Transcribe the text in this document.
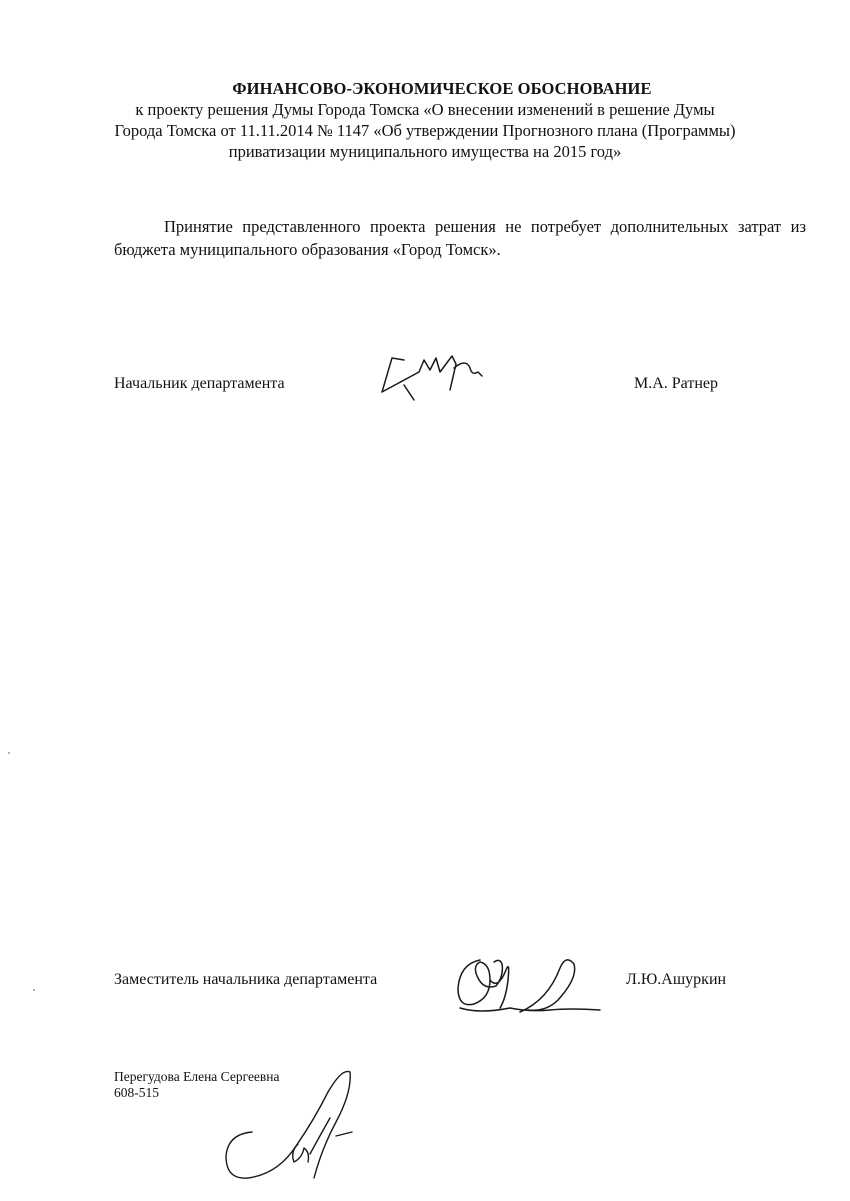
ФИНАНСОВО-ЭКОНОМИЧЕСКОЕ ОБОСНОВАНИЕ
к проекту решения Думы Города Томска «О внесении изменений в решение Думы
Города Томска от 11.11.2014 № 1147 «Об утверждении Прогнозного плана (Программы)
приватизации муниципального имущества на 2015 год»
Принятие представленного проекта решения не потребует дополнительных затрат из бюджета муниципального образования «Город Томск».
Начальник департамента	М.А. Ратнер
Заместитель начальника департамента	Л.Ю.Ашуркин
Перегудова Елена Сергеевна
608-515
